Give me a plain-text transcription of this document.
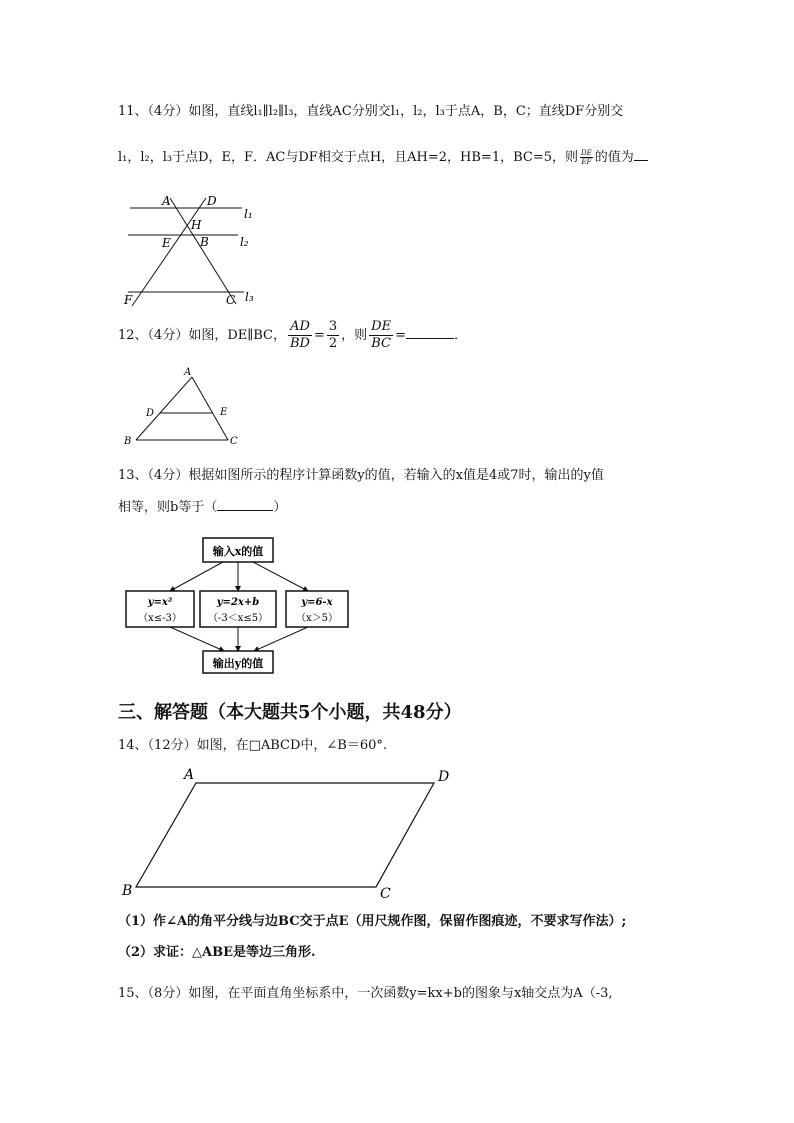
11、（4分）如图，直线l₁∥l₂∥l₃，直线AC分别交l₁，l₂，l₃于点A，B，C；直线DF分别交
l₁，l₂，l₃于点D，E，F．AC与DF相交于点H，且AH=2，HB=1，BC=5，则 $\frac{DE}{EF}$ 的值为
A	D
H
E B
F	C
l₁
l₂
l₃
12、（4分）如图，DE∥BC， $\frac{AD}{BD} = \frac{3}{2}$ ，则 $\frac{DE}{BC}$ =	．
A
D	E
B	C
13、（4分）根据如图所示的程序计算函数y的值，若输入的x值是4或7时，输出的y值
相等，则b等于（	）
输入x的值
y=x²
（x≤-3）
y=2x+b
（-3＜x≤5）
y=6-x
（x＞5）
输出y的值
三、解答题（本大题共5个小题，共48分）
14、（12分）如图，在□ABCD中，∠B＝60°.
A	D
B	C
（1）作∠A的角平分线与边BC交于点E（用尺规作图，保留作图痕迹，不要求写作法）;
（2）求证：△ABE是等边三角形.
15、（8分）如图，在平面直角坐标系中，一次函数y=kx+b的图象与x轴交点为A（-3,
